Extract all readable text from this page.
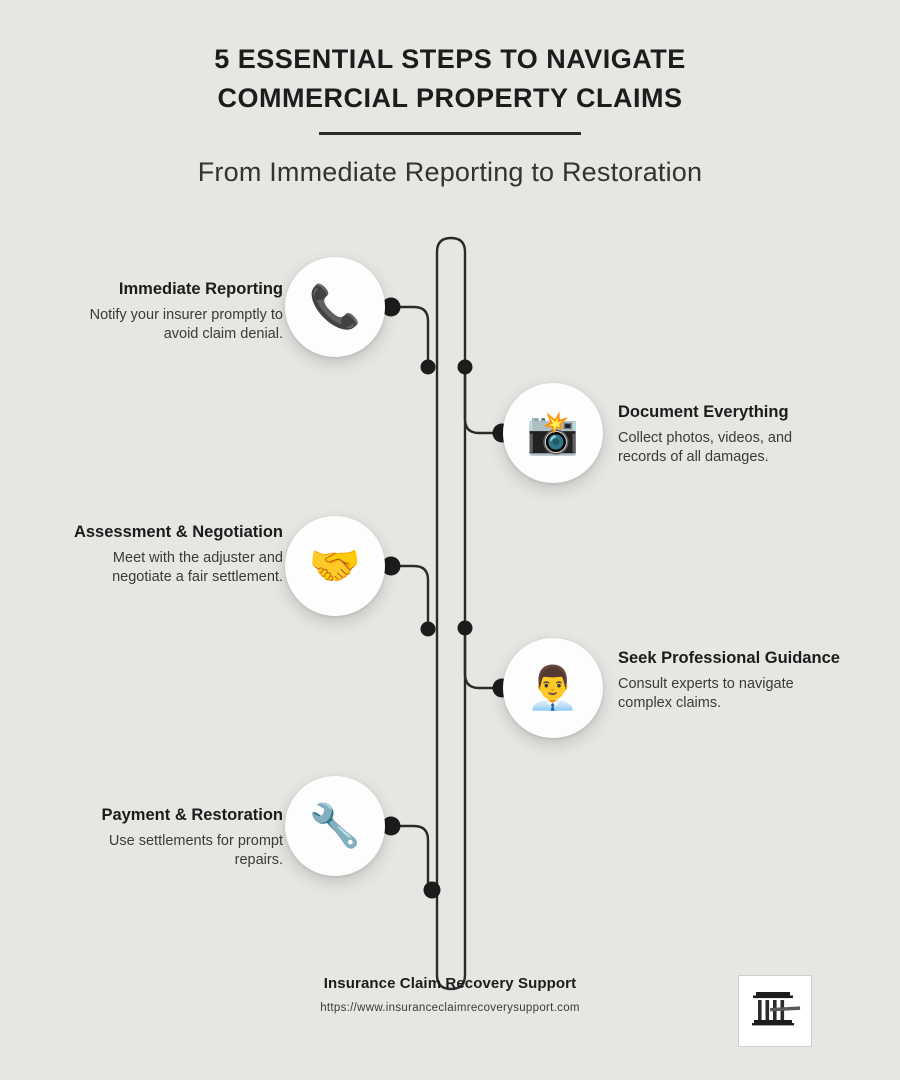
5 ESSENTIAL STEPS TO NAVIGATE COMMERCIAL PROPERTY CLAIMS
From Immediate Reporting to Restoration
📞
Immediate Reporting
Notify your insurer promptly to avoid claim denial.
📸 Document Everything
Collect photos, videos, and records of all damages.
🤝
Assessment & Negotiation
Meet with the adjuster and negotiate a fair settlement.
👨‍💼
Seek Professional Guidance
Consult experts to navigate complex claims.
🔧
Payment & Restoration
Use settlements for prompt repairs.
Insurance Claim Recovery Support
https://www.insuranceclaimrecoverysupport.com
